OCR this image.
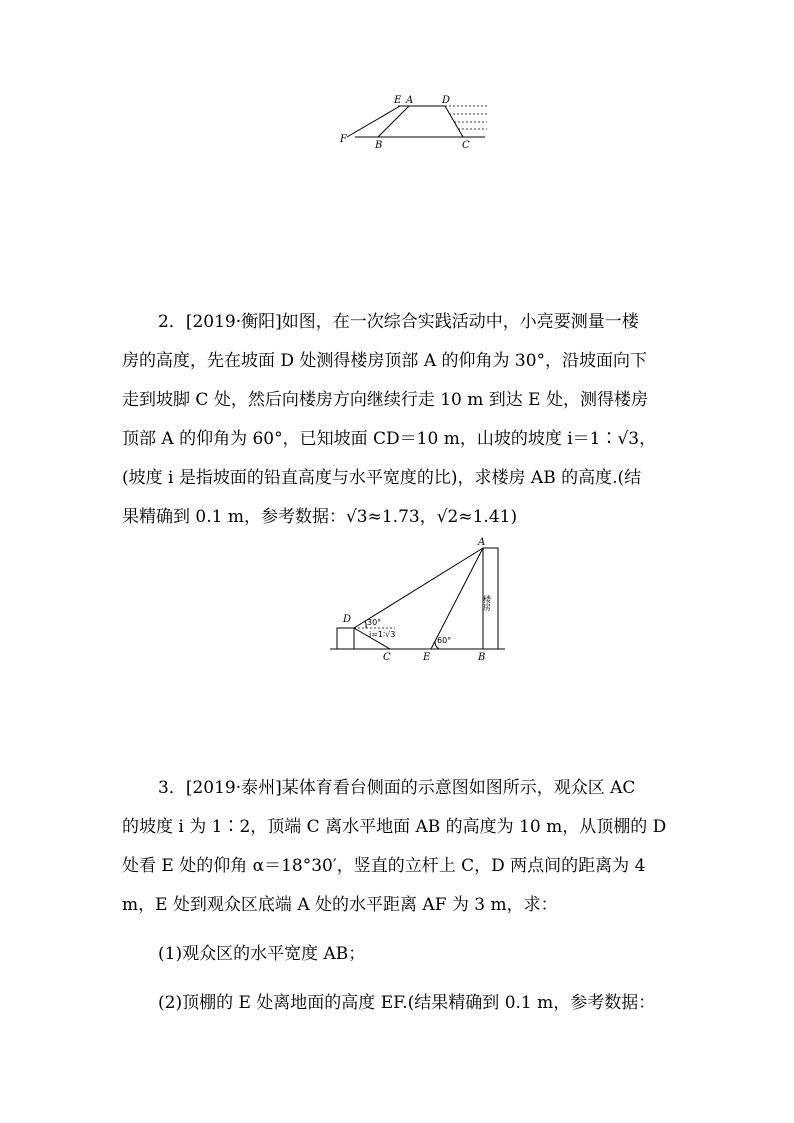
E A	D
F
B	C
2．[2019·衡阳]如图，在一次综合实践活动中，小亮要测量一楼
房的高度，先在坡面 D 处测得楼房顶部 A 的仰角为 30°，沿坡面向下
走到坡脚 C 处，然后向楼房方向继续行走 10 m 到达 E 处，测得楼房
顶部 A 的仰角为 60°，已知坡面 CD＝10 m，山坡的坡度 i＝1∶√3，
(坡度 i 是指坡面的铅直高度与水平宽度的比)，求楼房 AB 的高度.(结
果精确到 0.1 m，参考数据：√3≈1.73，√2≈1.41)
A
D
C	E	B
30°
60°
i=1∶√3
楼房
3．[2019·泰州]某体育看台侧面的示意图如图所示，观众区 AC
的坡度 i 为 1∶2，顶端 C 离水平地面 AB 的高度为 10 m，从顶棚的 D
处看 E 处的仰角 α＝18°30′，竖直的立杆上 C，D 两点间的距离为 4
m，E 处到观众区底端 A 处的水平距离 AF 为 3 m，求：
(1)观众区的水平宽度 AB；
(2)顶棚的 E 处离地面的高度 EF.(结果精确到 0.1 m，参考数据：
